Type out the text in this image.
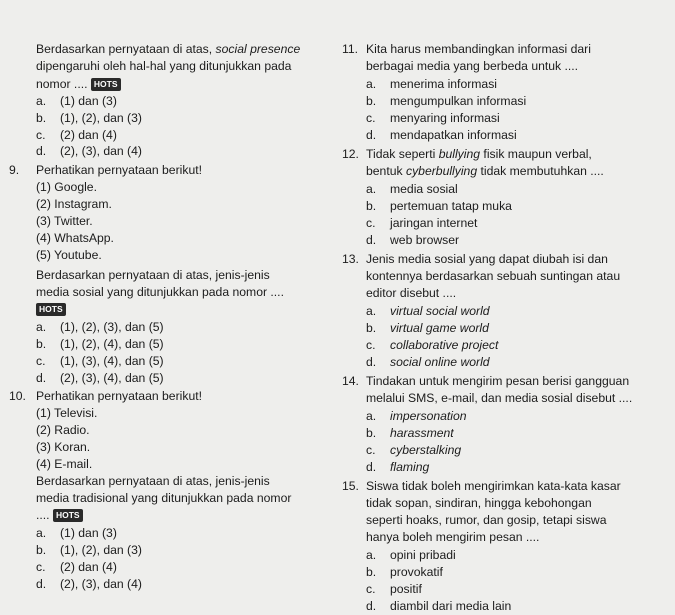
Berdasarkan pernyataan di atas, social presence
dipengaruhi oleh hal-hal yang ditunjukkan pada
nomor .... HOTS
a. (1) dan (3)
b. (1), (2), dan (3)
c. (2) dan (4)
d. (2), (3), dan (4)
9. Perhatikan pernyataan berikut!
(1) Google.
(2) Instagram.
(3) Twitter.
(4) WhatsApp.
(5) Youtube.
Berdasarkan pernyataan di atas, jenis-jenis
media sosial yang ditunjukkan pada nomor ....
HOTS
a. (1), (2), (3), dan (5)
b. (1), (2), (4), dan (5)
c. (1), (3), (4), dan (5)
d. (2), (3), (4), dan (5)
10. Perhatikan pernyataan berikut!
(1) Televisi.
(2) Radio.
(3) Koran.
(4) E-mail.
Berdasarkan pernyataan di atas, jenis-jenis
media tradisional yang ditunjukkan pada nomor
.... HOTS
a. (1) dan (3)
b. (1), (2), dan (3)
c. (2) dan (4)
d. (2), (3), dan (4)
11. Kita harus membandingkan informasi dari
berbagai media yang berbeda untuk ....
a. menerima informasi
b. mengumpulkan informasi
c. menyaring informasi
d. mendapatkan informasi
12. Tidak seperti bullying fisik maupun verbal,
bentuk cyberbullying tidak membutuhkan ....
a. media sosial
b. pertemuan tatap muka
c. jaringan internet
d. web browser
13. Jenis media sosial yang dapat diubah isi dan
kontennya berdasarkan sebuah suntingan atau
editor disebut ....
a. virtual social world
b. virtual game world
c. collaborative project
d. social online world
14. Tindakan untuk mengirim pesan berisi gangguan
melalui SMS, e-mail, dan media sosial disebut ....
a. impersonation
b. harassment
c. cyberstalking
d. flaming
15. Siswa tidak boleh mengirimkan kata-kata kasar
tidak sopan, sindiran, hingga kebohongan
seperti hoaks, rumor, dan gosip, tetapi siswa
hanya boleh mengirim pesan ....
a. opini pribadi
b. provokatif
c. positif
d. diambil dari media lain
